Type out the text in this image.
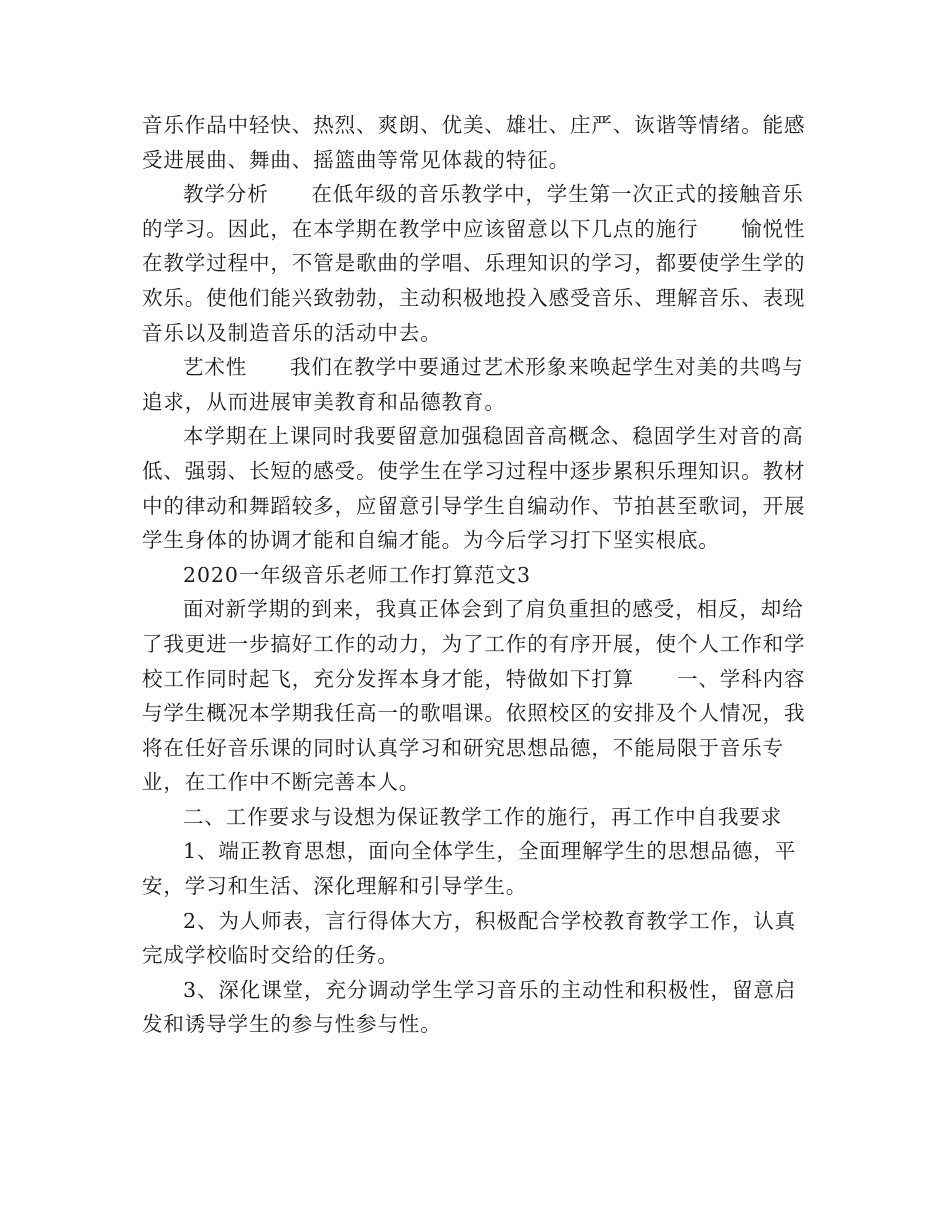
音乐作品中轻快、热烈、爽朗、优美、雄壮、庄严、诙谐等情绪。能感受进展曲、舞曲、摇篮曲等常见体裁的特征。

教学分析　　在低年级的音乐教学中，学生第一次正式的接触音乐的学习。因此，在本学期在教学中应该留意以下几点的施行　　愉悦性　　在教学过程中，不管是歌曲的学唱、乐理知识的学习，都要使学生学的欢乐。使他们能兴致勃勃，主动积极地投入感受音乐、理解音乐、表现音乐以及制造音乐的活动中去。

艺术性　　我们在教学中要通过艺术形象来唤起学生对美的共鸣与追求，从而进展审美教育和品德教育。

本学期在上课同时我要留意加强稳固音高概念、稳固学生对音的高低、强弱、长短的感受。使学生在学习过程中逐步累积乐理知识。教材中的律动和舞蹈较多，应留意引导学生自编动作、节拍甚至歌词，开展学生身体的协调才能和自编才能。为今后学习打下坚实根底。

2020一年级音乐老师工作打算范文3

面对新学期的到来，我真正体会到了肩负重担的感受，相反，却给了我更进一步搞好工作的动力，为了工作的有序开展，使个人工作和学校工作同时起飞，充分发挥本身才能，特做如下打算　　一、学科内容与学生概况本学期我任高一的歌唱课。依照校区的安排及个人情况，我将在任好音乐课的同时认真学习和研究思想品德，不能局限于音乐专业，在工作中不断完善本人。

二、工作要求与设想为保证教学工作的施行，再工作中自我要求

1、端正教育思想，面向全体学生，全面理解学生的思想品德，平安，学习和生活、深化理解和引导学生。

2、为人师表，言行得体大方，积极配合学校教育教学工作，认真完成学校临时交给的任务。

3、深化课堂，充分调动学生学习音乐的主动性和积极性，留意启发和诱导学生的参与性参与性。
